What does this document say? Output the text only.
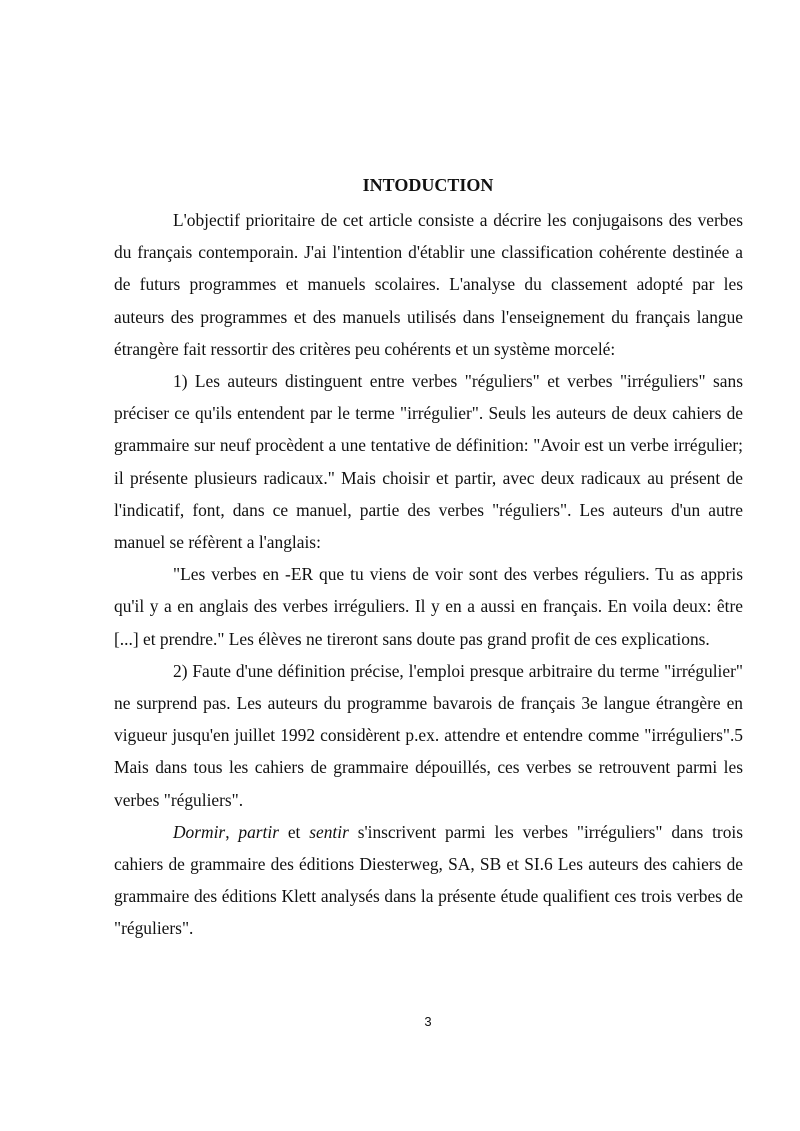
INTODUCTION

L'objectif prioritaire de cet article consiste a décrire les conjugaisons des verbes du français contemporain. J'ai l'intention d'établir une classification cohérente destinée a de futurs programmes et manuels scolaires. L'analyse du classement adopté par les auteurs des programmes et des manuels utilisés dans l'enseignement du français langue étrangère fait ressortir des critères peu cohérents et un système morcelé:

1) Les auteurs distinguent entre verbes "réguliers" et verbes "irréguliers" sans préciser ce qu'ils entendent par le terme "irrégulier". Seuls les auteurs de deux cahiers de grammaire sur neuf procèdent a une tentative de définition: "Avoir est un verbe irrégulier; il présente plusieurs radicaux." Mais choisir et partir, avec deux radicaux au présent de l'indicatif, font, dans ce manuel, partie des verbes "réguliers". Les auteurs d'un autre manuel se réfèrent a l'anglais:

"Les verbes en -ER que tu viens de voir sont des verbes réguliers. Tu as appris qu'il y a en anglais des verbes irréguliers. Il y en a aussi en français. En voila deux: être [...] et prendre." Les élèves ne tireront sans doute pas grand profit de ces explications.

2) Faute d'une définition précise, l'emploi presque arbitraire du terme "irrégulier" ne surprend pas. Les auteurs du programme bavarois de français 3e langue étrangère en vigueur jusqu'en juillet 1992 considèrent p.ex. attendre et entendre comme "irréguliers".5 Mais dans tous les cahiers de grammaire dépouillés, ces verbes se retrouvent parmi les verbes "réguliers".

Dormir, partir et sentir s'inscrivent parmi les verbes "irréguliers" dans trois cahiers de grammaire des éditions Diesterweg, SA, SB et SI.6 Les auteurs des cahiers de grammaire des éditions Klett analysés dans la présente étude qualifient ces trois verbes de "réguliers".

3
